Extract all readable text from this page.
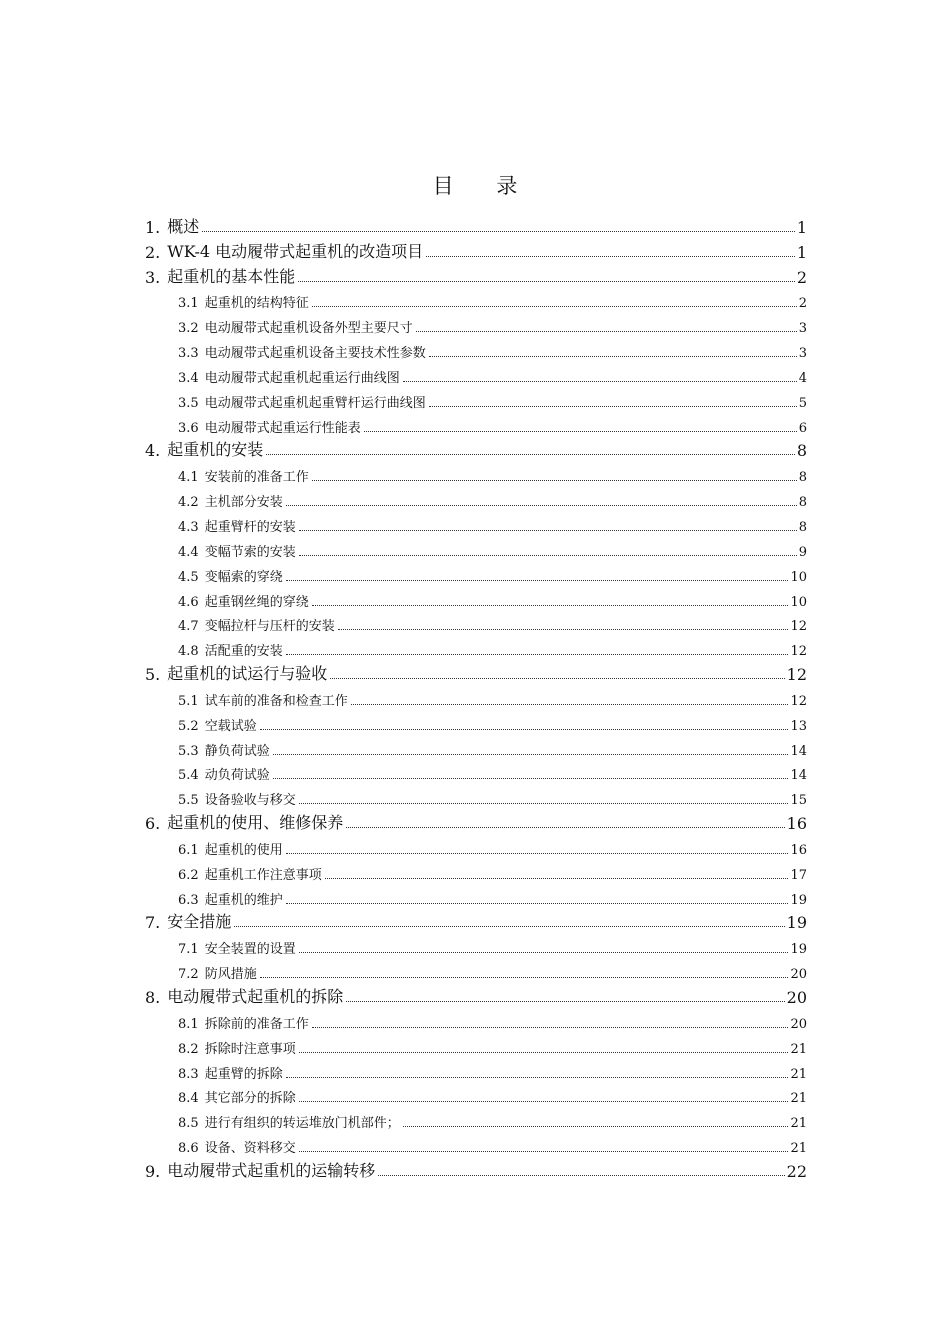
目 录
1. 概述	1
2. WK-4 电动履带式起重机的改造项目	1
3. 起重机的基本性能	2
3.1 起重机的结构特征	2
3.2 电动履带式起重机设备外型主要尺寸	3
3.3 电动履带式起重机设备主要技术性参数	3
3.4 电动履带式起重机起重运行曲线图	4
3.5 电动履带式起重机起重臂杆运行曲线图	5
3.6 电动履带式起重运行性能表	6
4. 起重机的安装	8
4.1 安装前的准备工作	8
4.2 主机部分安装	8
4.3 起重臂杆的安装	8
4.4 变幅节索的安装	9
4.5 变幅索的穿绕	10
4.6 起重钢丝绳的穿绕	10
4.7 变幅拉杆与压杆的安装	12
4.8 活配重的安装	12
5. 起重机的试运行与验收	12
5.1 试车前的准备和检查工作	12
5.2 空载试验	13
5.3 静负荷试验	14
5.4 动负荷试验	14
5.5 设备验收与移交	15
6. 起重机的使用、维修保养	16
6.1 起重机的使用	16
6.2 起重机工作注意事项	17
6.3 起重机的维护	19
7. 安全措施	19
7.1 安全装置的设置	19
7.2 防风措施	20
8. 电动履带式起重机的拆除	20
8.1 拆除前的准备工作	20
8.2 拆除时注意事项	21
8.3 起重臂的拆除	21
8.4 其它部分的拆除	21
8.5 进行有组织的转运堆放门机部件；	21
8.6 设备、资料移交	21
9. 电动履带式起重机的运输转移	22
